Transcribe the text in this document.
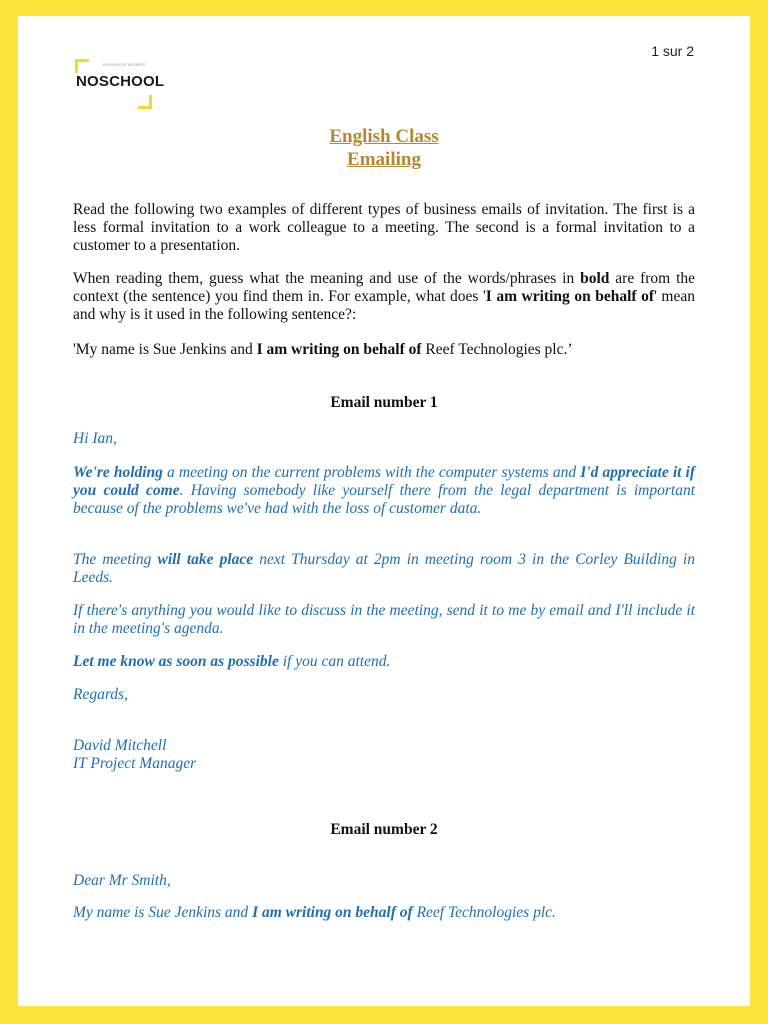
1 sur 2
ENGLISH FOR BUSINESS
NOSCHOOL
English Class
Emailing

Read the following two examples of different types of business emails of invitation. The first is a less formal invitation to a work colleague to a meeting. The second is a formal invitation to a customer to a presentation.

When reading them, guess what the meaning and use of the words/phrases in bold are from the context (the sentence) you find them in. For example, what does 'I am writing on behalf of' mean and why is it used in the following sentence?:

'My name is Sue Jenkins and I am writing on behalf of Reef Technologies plc.’

Email number 1

Hi Ian,

We're holding a meeting on the current problems with the computer systems and I'd appreciate it if you could come. Having somebody like yourself there from the legal department is important because of the problems we've had with the loss of customer data.

The meeting will take place next Thursday at 2pm in meeting room 3 in the Corley Building in Leeds.

If there's anything you would like to discuss in the meeting, send it to me by email and I'll include it in the meeting's agenda.

Let me know as soon as possible if you can attend.

Regards,

David Mitchell

IT Project Manager

Email number 2

Dear Mr Smith,

My name is Sue Jenkins and I am writing on behalf of Reef Technologies plc.
